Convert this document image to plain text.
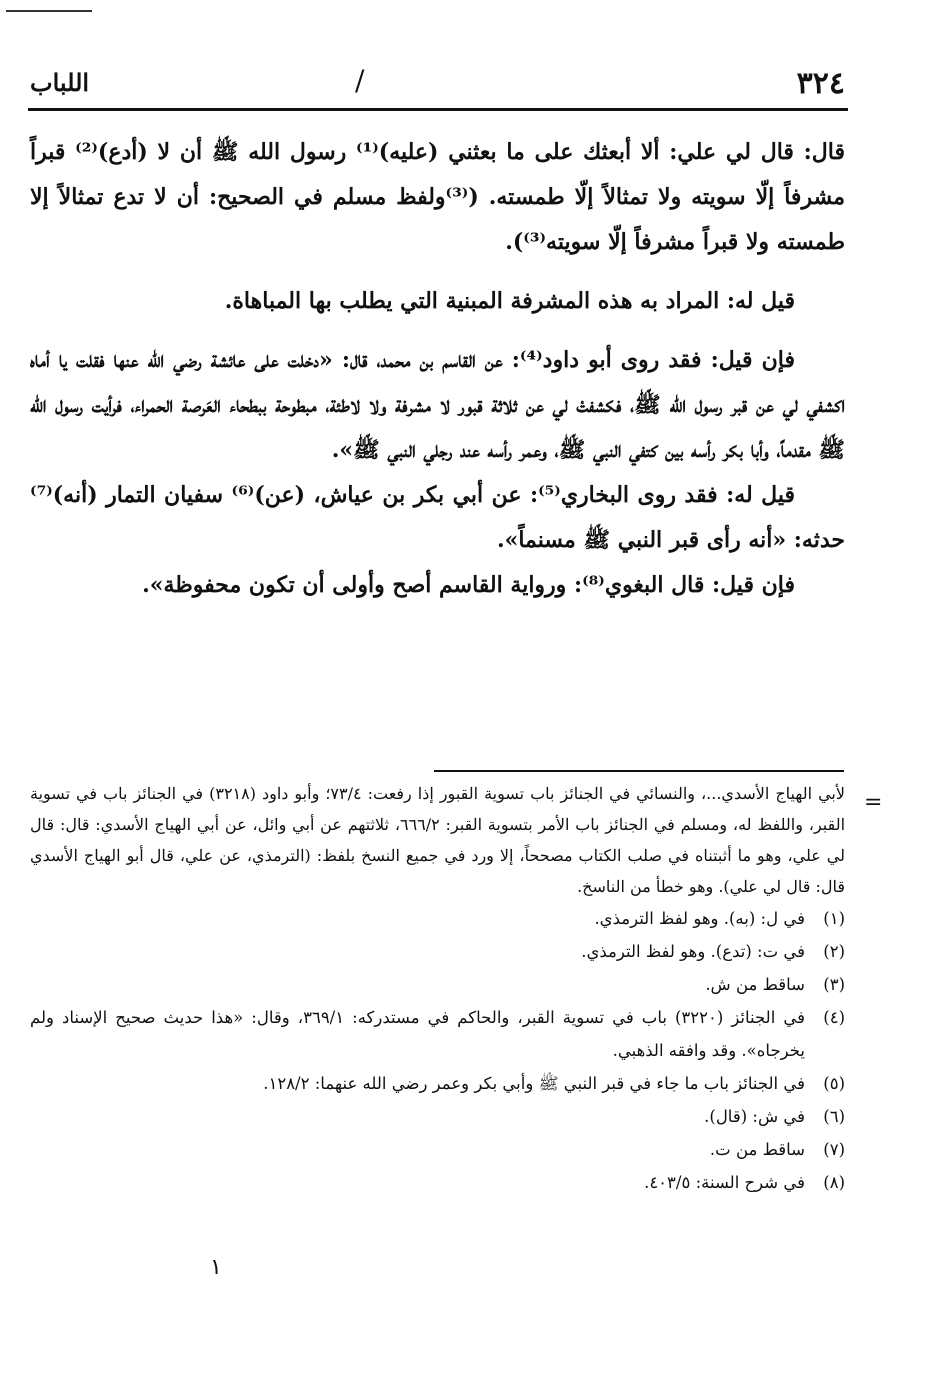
٣٢٤
/
اللباب

قال: قال لي علي: ألا أبعثك على ما بعثني (عليه)⁽¹⁾ رسول الله ﷺ أن لا (أدع)⁽²⁾ قبراً مشرفاً إلّا سويته ولا تمثالاً إلّا طمسته. (⁽³⁾ولفظ مسلم في الصحيح: أن لا تدع تمثالاً إلا طمسته ولا قبراً مشرفاً إلّا سويته⁽³⁾).

قيل له: المراد به هذه المشرفة المبنية التي يطلب بها المباهاة.

فإن قيل: فقد روى أبو داود⁽⁴⁾: عن القاسم بن محمد، قال: «دخلت على عائشة رضي الله عنها فقلت يا أماه اكشفي لي عن قبر رسول الله ﷺ، فكشفتْ لي عن ثلاثة قبور لا مشرفة ولا لاطئة، مبطوحة ببطحاء العَرصة الحمراء، فرأيت رسول الله ﷺ مقدماً، وأبا بكر رأسه بين كتفي النبي ﷺ، وعمر رأسه عند رجلي النبي ﷺ».

قيل له: فقد روى البخاري⁽⁵⁾: عن أبي بكر بن عياش، (عن)⁽⁶⁾ سفيان التمار (أنه)⁽⁷⁾ حدثه: «أنه رأى قبر النبي ﷺ مسنماً».

فإن قيل: قال البغوي⁽⁸⁾: ورواية القاسم أصح وأولى أن تكون محفوظة».

=

لأبي الهياج الأسدي...، والنسائي في الجنائز باب تسوية القبور إذا رفعت: ٧٣/٤؛ وأبو داود (٣٢١٨) في الجنائز باب في تسوية القبر، واللفظ له، ومسلم في الجنائز باب الأمر بتسوية القبر: ٦٦٦/٢، ثلاثتهم عن أبي وائل، عن أبي الهياج الأسدي: قال: قال لي علي، وهو ما أثبتناه في صلب الكتاب مصححاً، إلا ورد في جميع النسخ بلفظ: (الترمذي، عن علي، قال أبو الهياج الأسدي قال: قال لي علي). وهو خطأ من الناسخ.

(١)
في ل: (به). وهو لفظ الترمذي.
(٢)
في ت: (تدع). وهو لفظ الترمذي.
(٣)
ساقط من ش.
(٤)
في الجنائز (٣٢٢٠) باب في تسوية القبر، والحاكم في مستدركه: ٣٦٩/١، وقال: «هذا حديث صحيح الإسناد ولم يخرجاه». وقد وافقه الذهبي.
(٥)
في الجنائز باب ما جاء في قبر النبي ﷺ وأبي بكر وعمر رضي الله عنهما: ١٢٨/٢.
(٦)
في ش: (قال).
(٧)
ساقط من ت.
(٨)
في شرح السنة: ٤٠٣/٥.
١
